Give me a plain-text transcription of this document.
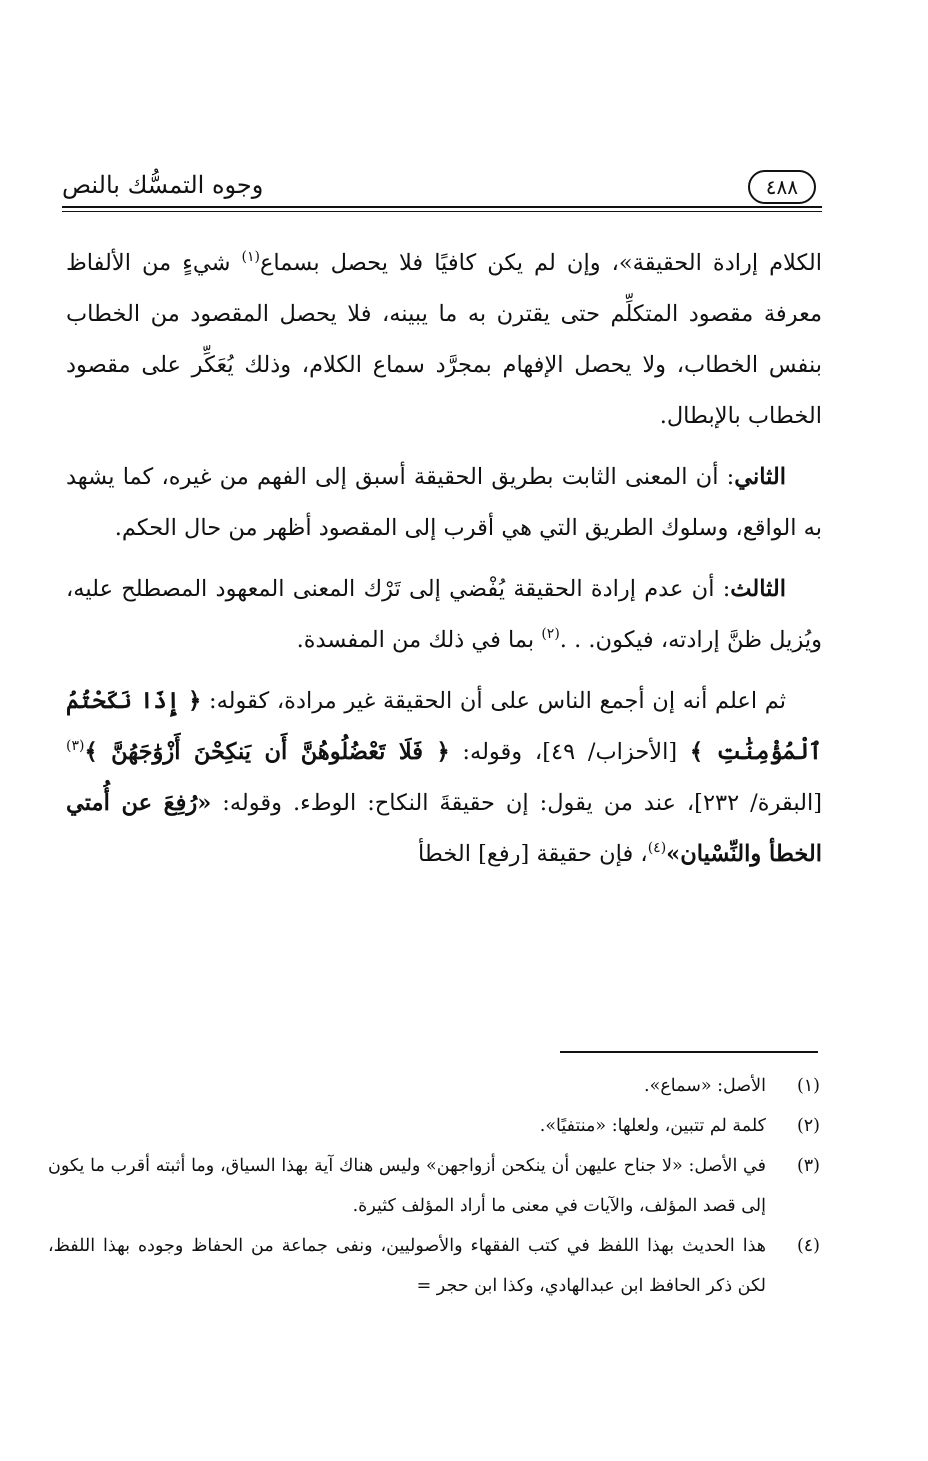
٤٨٨
وجوه التمسُّك بالنص

الكلام إرادة الحقيقة»، وإن لم يكن كافيًا فلا يحصل بسماع$^{(١)}$ شيءٍ من الألفاظ معرفة مقصود المتكلِّم حتى يقترن به ما يبينه، فلا يحصل المقصود من الخطاب بنفس الخطاب، ولا يحصل الإفهام بمجرَّد سماع الكلام، وذلك يُعَكِّر على مقصود الخطاب بالإبطال.

الثاني: أن المعنى الثابت بطريق الحقيقة أسبق إلى الفهم من غيره، كما يشهد به الواقع، وسلوك الطريق التي هي أقرب إلى المقصود أظهر من حال الحكم.

الثالث: أن عدم إرادة الحقيقة يُفْضي إلى تَرْك المعنى المعهود المصطلح عليه، ويُزيل ظنَّ إرادته، فيكون. . .$^{(٢)}$ بما في ذلك من المفسدة.

ثم اعلم أنه إن أجمع الناس على أن الحقيقة غير مرادة، كقوله: ﴿ إِذَا نَكَحْتُمُ ٱلْمُؤْمِنَٰتِ ﴾ [الأحزاب/ ٤٩]، وقوله: ﴿ فَلَا تَعْضُلُوهُنَّ أَن يَنكِحْنَ أَزْوَٰجَهُنَّ ﴾$^{(٣)}$ [البقرة/ ٢٣٢]، عند من يقول: إن حقيقةَ النكاح: الوطء. وقوله: «رُفِعَ عن أُمتي الخطأ والنِّسْيان»$^{(٤)}$، فإن حقيقة [رفع] الخطأ

(١)
الأصل: «سماع».
(٢)
كلمة لم تتبين، ولعلها: «منتفيًا».
(٣)
في الأصل: «لا جناح عليهن أن ينكحن أزواجهن» وليس هناك آية بهذا السياق، وما أثبته أقرب ما يكون إلى قصد المؤلف، والآيات في معنى ما أراد المؤلف كثيرة.
(٤)
هذا الحديث بهذا اللفظ في كتب الفقهاء والأصوليين، ونفى جماعة من الحفاظ وجوده بهذا اللفظ، لكن ذكر الحافظ ابن عبدالهادي، وكذا ابن حجر =
